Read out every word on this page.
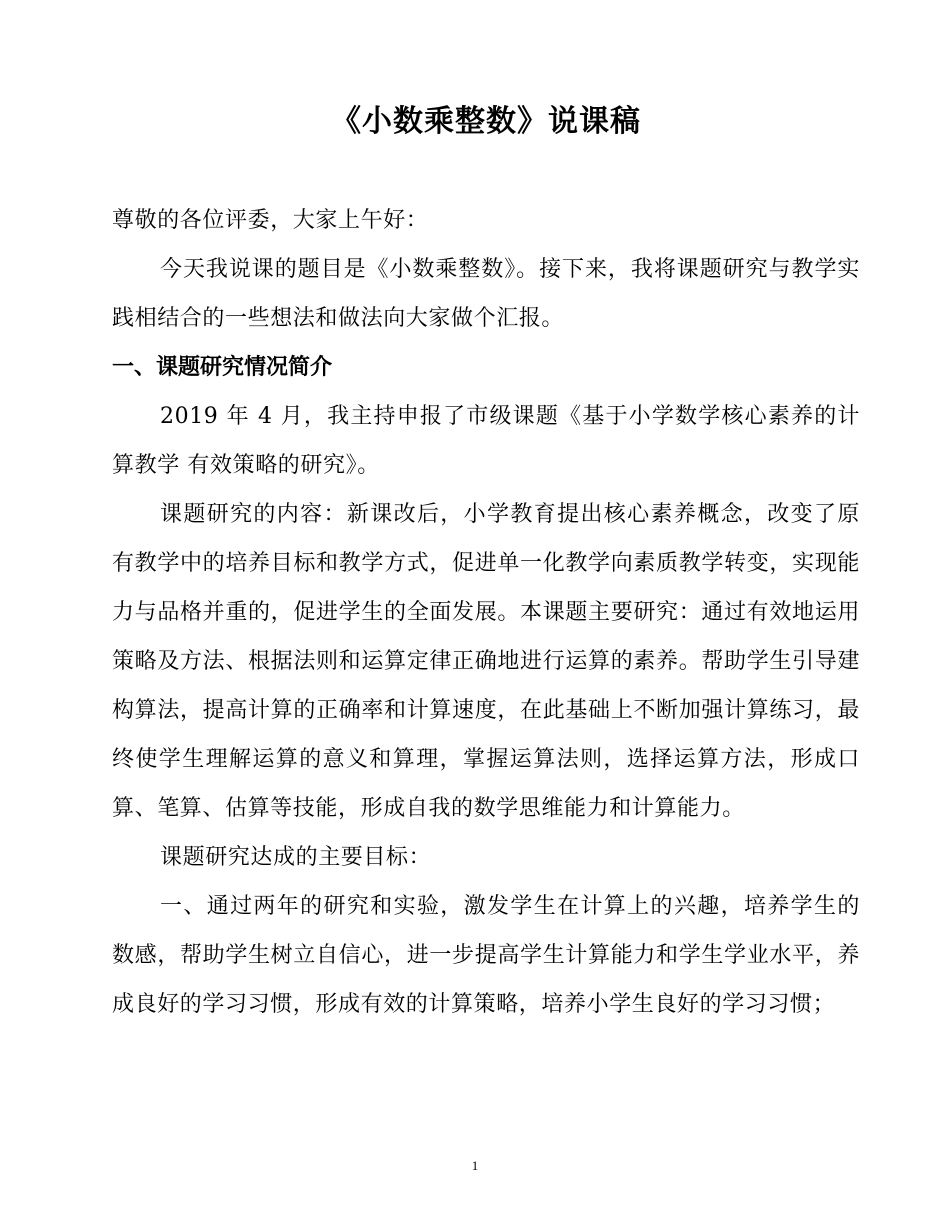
《小数乘整数》说课稿

尊敬的各位评委，大家上午好：

今天我说课的题目是《小数乘整数》。接下来，我将课题研究与教学实践相结合的一些想法和做法向大家做个汇报。

一、课题研究情况简介

2019 年 4 月，我主持申报了市级课题《基于小学数学核心素养的计算教学 有效策略的研究》。

课题研究的内容：新课改后，小学教育提出核心素养概念，改变了原有教学中的培养目标和教学方式，促进单一化教学向素质教学转变，实现能力与品格并重的，促进学生的全面发展。本课题主要研究：通过有效地运用策略及方法、根据法则和运算定律正确地进行运算的素养。帮助学生引导建构算法，提高计算的正确率和计算速度，在此基础上不断加强计算练习，最终使学生理解运算的意义和算理，掌握运算法则，选择运算方法，形成口算、笔算、估算等技能，形成自我的数学思维能力和计算能力。

课题研究达成的主要目标：

一、通过两年的研究和实验，激发学生在计算上的兴趣，培养学生的数感，帮助学生树立自信心，进一步提高学生计算能力和学生学业水平，养成良好的学习习惯，形成有效的计算策略，培养小学生良好的学习习惯；

1
